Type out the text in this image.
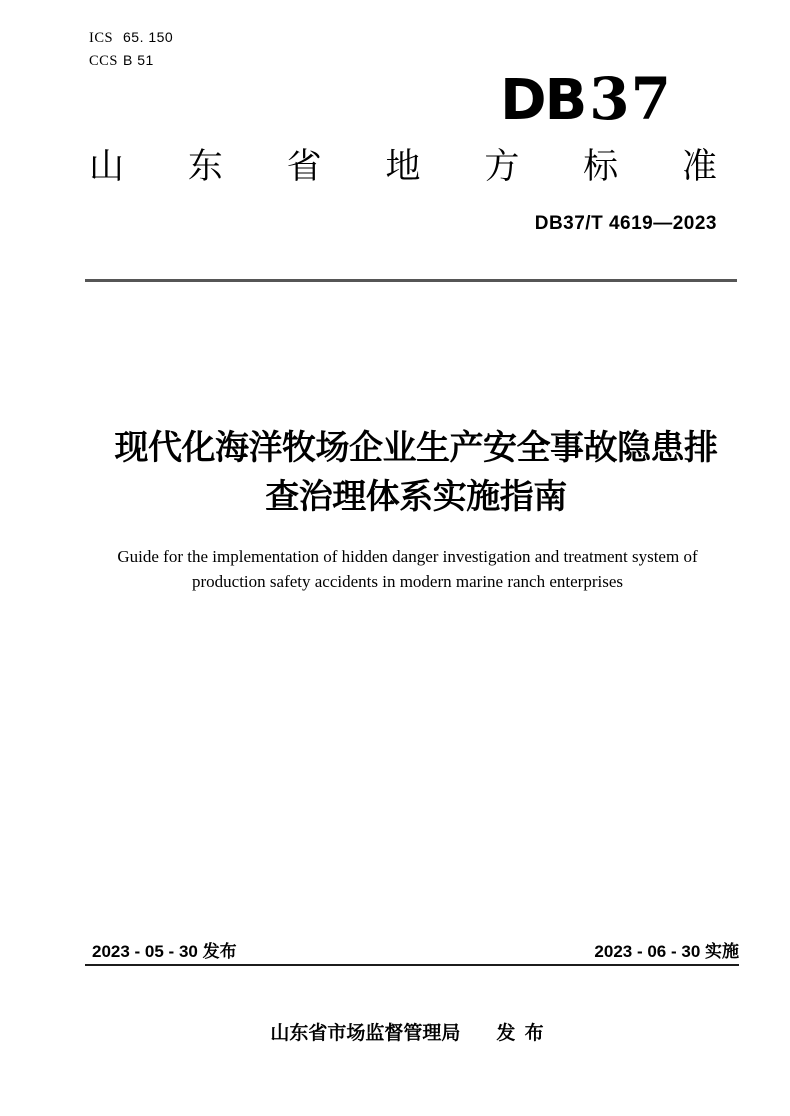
ICS 65. 150
CCS B 51
DB37
山 东 省 地 方 标 准
DB37/T 4619—2023
现代化海洋牧场企业生产安全事故隐患排
查治理体系实施指南
Guide for the implementation of hidden danger investigation and treatment system of
production safety accidents in modern marine ranch enterprises
2023 - 05 - 30 发布	2023 - 06 - 30 实施
山东省市场监督管理局 发 布
